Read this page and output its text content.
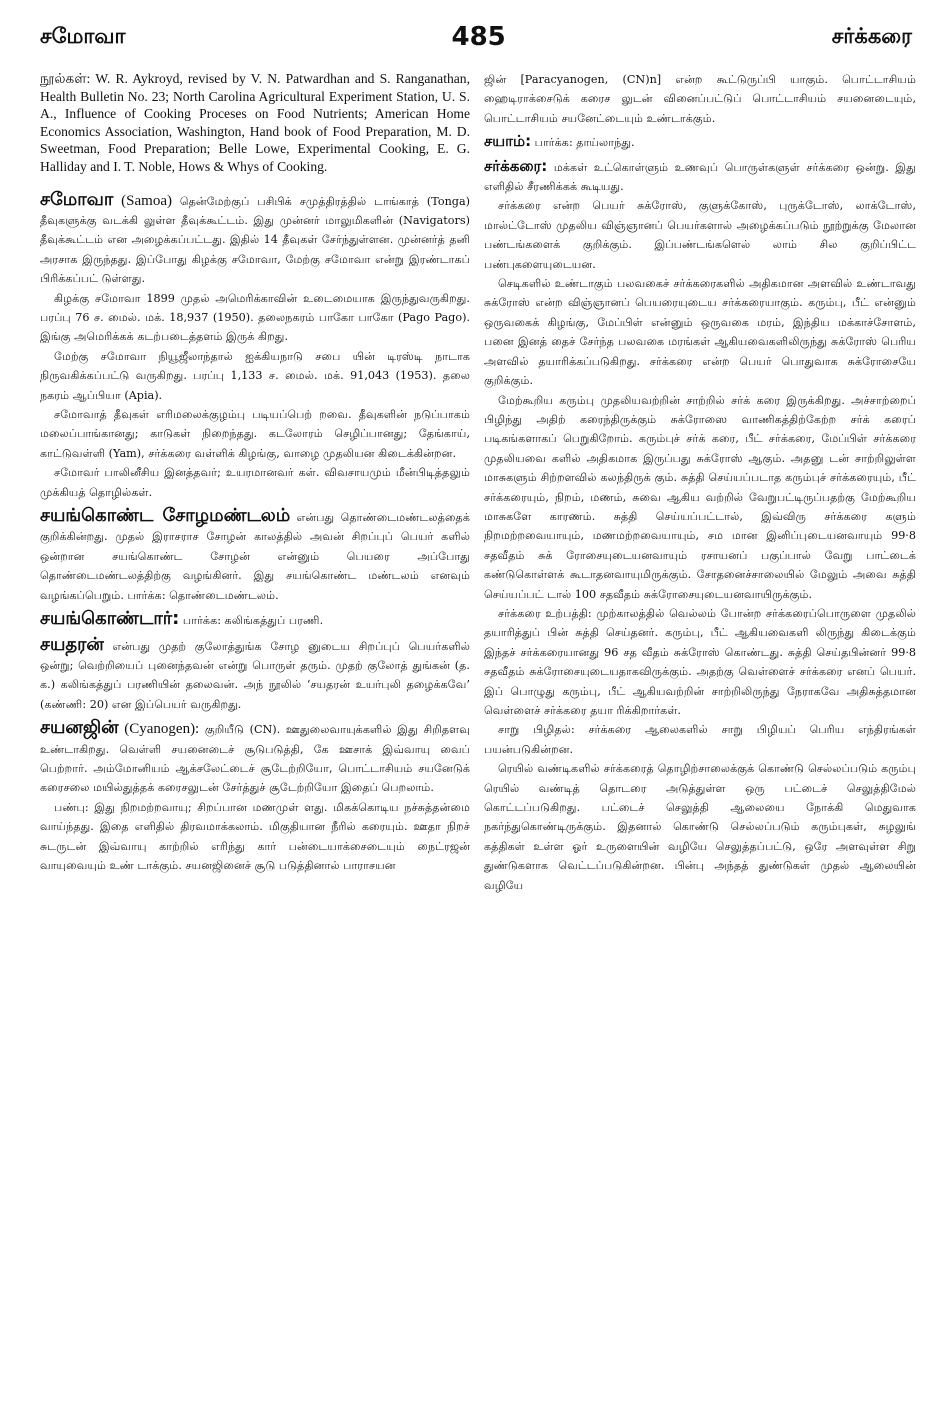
சமோவா	485	சர்க்கரை

நூல்கள்: W. R. Aykroyd, revised by V. N. Patwardhan and S. Ranganathan, Health Bulletin No. 23; North Carolina Agricultural Experiment Station, U. S. A., Influence of Cooking Proceses on Food Nutrients; American Home Economics Association, Washington, Hand book of Food Preparation, M. D. Sweetman, Food Preparation; Belle Lowe, Experimental Cooking, E. G. Halliday and I. T. Noble, Hows & Whys of Cooking.

சமோவா (Samoa) தென்மேற்குப் பசிபிக் சமுத்திரத்தில் டாங்காத் (Tonga) தீவுகளுக்கு வடக்கி லுள்ள தீவுக்கூட்டம். இது முன்னர் மாலுமிகளின் (Navigators) தீவுக்கூட்டம் என அழைக்கப்பட்டது. இதில் 14 தீவுகள் சேர்ந்துள்ளன. முன்னர்த் தனி அரசாக இருந்தது. இப்போது கிழக்கு சமோவா, மேற்கு சமோவா என்று இரண்டாகப் பிரிக்கப்பட் டுள்ளது.

கிழக்கு சமோவா 1899 முதல் அமெரிக்காவின் உடைமையாக இருந்துவருகிறது. பரப்பு 76 ச. மைல். மக். 18,937 (1950). தலைநகரம் பாகோ பாகோ (Pago Pago). இங்கு அமெரிக்கக் கடற்படைத்தளம் இருக் கிறது.

மேற்கு சமோவா நியூஜீலாந்தால் ஐக்கியநாடு சபை யின் டிரஸ்டி நாடாக நிருவகிக்கப்பட்டு வருகிறது. பரப்பு 1,133 ச. மைல். மக். 91,043 (1953). தலை நகரம் ஆப்பியா (Apia).

சமோவாத் தீவுகள் எரிமலைக்குழம்பு படியப்பெற் றவை. தீவுகளின் நடுப்பாகம் மலைப்பாங்கானது; காடுகள் நிறைந்தது. கடலோரம் செழிப்பானது; தேங்காய், காட்டுவள்ளி (Yam), சர்க்கரை வள்ளிக் கிழங்கு, வாழை முதலியன கிடைக்கின்றன.

சமோவர் பாலினீசிய இனத்தவர்; உயரமானவர் கள். விவசாயமும் மீன்பிடித்தலும் முக்கியத் தொழில்கள்.

சயங்கொண்ட சோழமண்டலம் என்பது தொண்டைமண்டலத்தைக் குறிக்கின்றது. முதல் இராசராச சோழன் காலத்தில் அவன் சிறப்புப் பெயர் களில் ஒன்றான சயங்கொண்ட சோழன் என்னும் பெயரை அப்போது தொண்டைமண்டலத்திற்கு வழங்கினர். இது சயங்கொண்ட மண்டலம் எனவும் வழங்கப்பெறும். பார்க்க: தொண்டைமண்டலம்.

சயங்கொண்டார்: பார்க்க: கலிங்கத்துப் பரணி.

சயதரன் என்பது முதற் குலோத்துங்க சோழ னுடைய சிறப்புப் பெயர்களில் ஒன்று; வெற்றியைப் புனைந்தவன் என்று பொருள் தரும். முதற் குலோத் துங்கன் (த. க.) கலிங்கத்துப் பரணியின் தலைவன். அந் நூலில் ‘சயதரன் உயர்புலி தழைக்கவே’ (கண்ணி: 20) என இப்பெயர் வருகிறது.

சயனஜின் (Cyanogen): குறியீடு (CN). ஊதுலைவாயுக்களில் இது சிறிதளவு உண்டாகிறது. வெள்ளி சயனைடைச் சூடுபடுத்தி, கே ஊசாக் இவ்வாயு வைப் பெற்றார். அம்மோனியம் ஆக்சலேட்டைச் சூடேற்றியோ, பொட்டாசியம் சயனேடுக் கரைசலை மயில்துத்தக் கரைசலுடன் சேர்த்துச் சூடேற்றியோ இதைப் பெறலாம்.

பண்பு: இது நிறமற்றவாயு; சிறப்பான மணமுள் ளது. மிகக்கொடிய நச்சுத்தன்மை வாய்ந்தது. இதை எளிதில் திரவமாக்கலாம். மிகுதியான நீரில் கரையும். ஊதா நிறச் சுடருடன் இவ்வாயு காற்றில் எரிந்து கார் பன்டையாக்சைடையும் நைட்ரஜன் வாயுவையும் உண் டாக்கும். சயனஜினைச் சூடு படுத்தினால் பாராசயன

ஜின் [Paracyanogen, (CN)n] என்ற கூட்டுருப்பி யாகும். பொட்டாசியம் ஹைடிராக்சைடுக் கரைச லுடன் வினைப்பட்டுப் பொட்டாசியம் சயனைடையும், பொட்டாசியம் சயனேட்டையும் உண்டாக்கும்.

சயாம்: பார்க்க: தாய்லாந்து.

சர்க்கரை: மக்கள் உட்கொள்ளும் உணவுப் பொருள்களுள் சர்க்கரை ஒன்று. இது எளிதில் சீரணிக்கக் கூடியது.

சர்க்கரை என்ற பெயர் சுக்ரோஸ், குளுக்கோஸ், புருக்டோஸ், லாக்டோஸ், மால்ட்டோஸ் முதலிய விஞ்ஞானப் பெயர்களால் அழைக்கப்படும் நூற்றுக்கு மேலான பண்டங்களைக் குறிக்கும். இப்பண்டங்களெல் லாம் சில குறிப்பிட்ட பண்புகளையுடையன.

செடிகளில் உண்டாகும் பலவகைச் சர்க்கரைகளில் அதிகமான அளவில் உண்டாவது சுக்ரோஸ் என்ற விஞ்ஞானப் பெயரையுடைய சர்க்கரையாகும். கரும்பு, பீட் என்னும் ஒருவகைக் கிழங்கு, மேப்பிள் என்னும் ஒருவகை மரம், இந்திய மக்காச்சோளம், பனை இனத் தைச் சேர்ந்த பலவகை மரங்கள் ஆகியவைகளிலிருந்து சுக்ரோஸ் பெரிய அளவில் தயாரிக்கப்படுகிறது. சர்க்கரை என்ற பெயர் பொதுவாக சுக்ரோசையே குறிக்கும்.

மேற்கூறிய கரும்பு முதலியவற்றின் சாற்றில் சர்க் கரை இருக்கிறது. அச்சாற்றைப் பிழிந்து அதிற் கரைந்திருக்கும் சுக்ரோஸை வாணிகத்திற்கேற்ற சர்க் கரைப் படிகங்களாகப் பெறுகிறோம். கரும்புச் சர்க் கரை, பீட் சர்க்கரை, மேப்பிள் சர்க்கரை முதலியவை களில் அதிகமாக இருப்பது சுக்ரோஸ் ஆகும். அதனு டன் சாற்றிலுள்ள மாசுகளும் சிற்றளவில் கலந்திருக் கும். சுத்தி செய்யப்படாத கரும்புச் சர்க்கரையும், பீட் சர்க்கரையும், நிறம், மணம், சுவை ஆகிய வற்றில் வேறுபட்டிருப்பதற்கு மேற்கூறிய மாசுகளே காரணம். சுத்தி செய்யப்பட்டால், இவ்விரு சர்க்கரை களும் நிறமற்றவையாயும், மணமற்றவையாயும், சம மான இனிப்புடையனவாயும் 99·8 சதவீதம் சுக் ரோசையுடையனவாயும் ரசாயனப் பகுப்பால் வேறு பாட்டைக் கண்டுகொள்ளக் கூடாதனவாயுமிருக்கும். சோதனைச்சாலையில் மேலும் அவை சுத்தி செய்யப்பட் டால் 100 சதவீதம் சுக்ரோசையுடையனவாயிருக்கும்.

சர்க்கரை உற்பத்தி: முற்காலத்தில் வெல்லம் போன்ற சர்க்கரைப்பொருளை முதலில் தயாரித்துப் பின் சுத்தி செய்தனர். கரும்பு, பீட் ஆகியவைகளி லிருந்து கிடைக்கும் இந்தச் சர்க்கரையானது 96 சத வீதம் சுக்ரோஸ் கொண்டது. சுத்தி செய்தபின்னர் 99·8 சதவீதம் சுக்ரோசையுடையதாகவிருக்கும். அதற்கு வெள்ளைச் சர்க்கரை எனப் பெயர். இப் பொழுது கரும்பு, பீட் ஆகியவற்றின் சாற்றிலிருந்து நேராகவே அதிசுத்தமான வெள்ளைச் சர்க்கரை தயா ரிக்கிறார்கள்.

சாறு பிழிதல்: சர்க்கரை ஆலைகளில் சாறு பிழியப் பெரிய எந்திரங்கள் பயன்படுகின்றன.

ரெயில் வண்டிகளில் சர்க்கரைத் தொழிற்சாலைக்குக் கொண்டு செல்லப்படும் கரும்பு ரெயில் வண்டித் தொடரை அடுத்துள்ள ஒரு பட்டைச் செலுத்திமேல் கொட்டப்படுகிறது. பட்டைச் செலுத்தி ஆலையை நோக்கி மெதுவாக நகர்ந்துகொண்டிருக்கும். இதனால் கொண்டு செல்லப்படும் கரும்புகள், சுழலுங் கத்திகள் உள்ள ஓர் உருளையின் வழியே செலுத்தப்பட்டு, ஒரே அளவுள்ள சிறு துண்டுகளாக வெட்டப்படுகின்றன. பின்பு அந்தத் துண்டுகள் முதல் ஆலையின் வழியே
